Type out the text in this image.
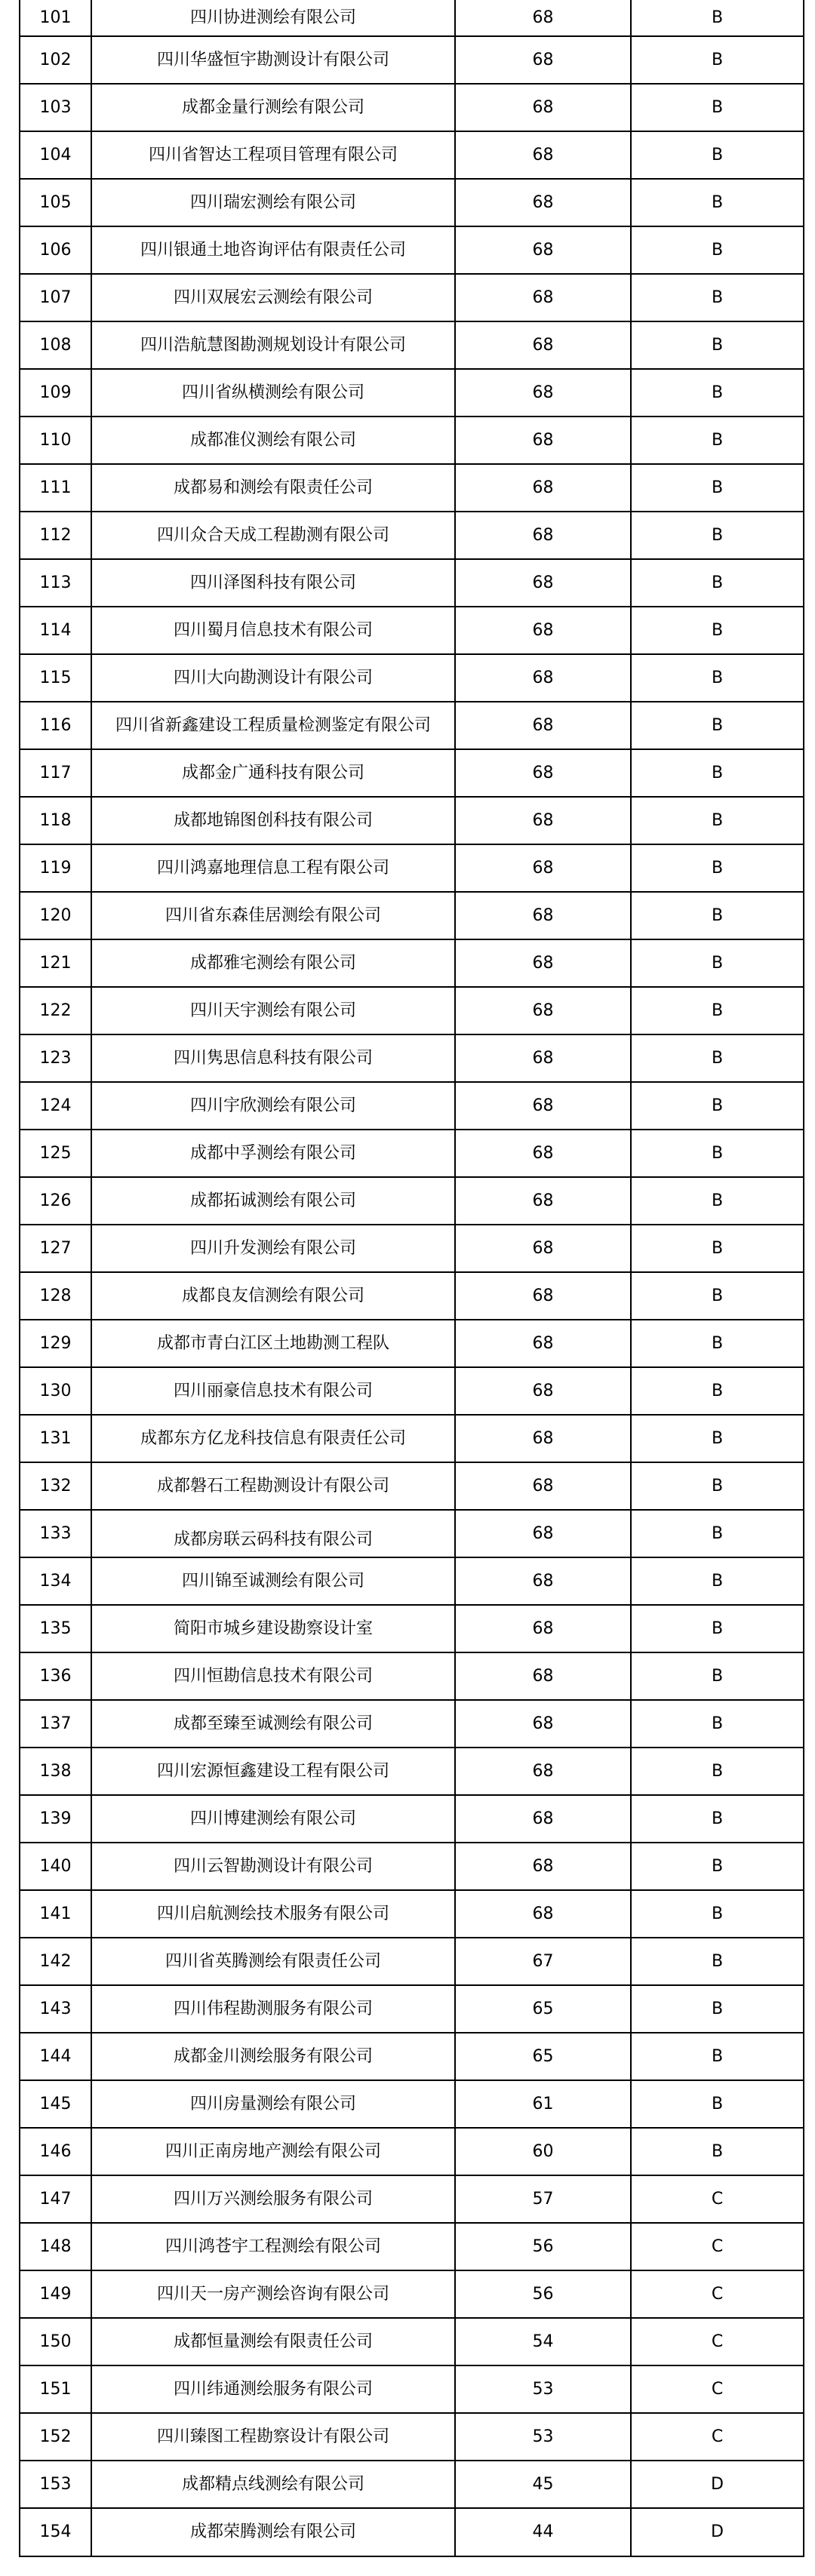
101	四川协进测绘有限公司	68	B
102	四川华盛恒宇勘测设计有限公司	68	B
103	成都金量行测绘有限公司	68	B
104	四川省智达工程项目管理有限公司	68	B
105	四川瑞宏测绘有限公司	68	B
106	四川银通土地咨询评估有限责任公司	68	B
107	四川双展宏云测绘有限公司	68	B
108	四川浩航慧图勘测规划设计有限公司	68	B
109	四川省纵横测绘有限公司	68	B
110	成都准仪测绘有限公司	68	B
111	成都易和测绘有限责任公司	68	B
112	四川众合天成工程勘测有限公司	68	B
113	四川泽图科技有限公司	68	B
114	四川蜀月信息技术有限公司	68	B
115	四川大向勘测设计有限公司	68	B
116	四川省新鑫建设工程质量检测鉴定有限公司	68	B
117	成都金广通科技有限公司	68	B
118	成都地锦图创科技有限公司	68	B
119	四川鸿嘉地理信息工程有限公司	68	B
120	四川省东森佳居测绘有限公司	68	B
121	成都雅宅测绘有限公司	68	B
122	四川天宇测绘有限公司	68	B
123	四川隽思信息科技有限公司	68	B
124	四川宇欣测绘有限公司	68	B
125	成都中孚测绘有限公司	68	B
126	成都拓诚测绘有限公司	68	B
127	四川升发测绘有限公司	68	B
128	成都良友信测绘有限公司	68	B
129	成都市青白江区土地勘测工程队	68	B
130	四川丽豪信息技术有限公司	68	B
131	成都东方亿龙科技信息有限责任公司	68	B
132	成都磐石工程勘测设计有限公司	68	B
133	成都房联云码科技有限公司	68	B
134	四川锦至诚测绘有限公司	68	B
135	简阳市城乡建设勘察设计室	68	B
136	四川恒勘信息技术有限公司	68	B
137	成都至臻至诚测绘有限公司	68	B
138	四川宏源恒鑫建设工程有限公司	68	B
139	四川博建测绘有限公司	68	B
140	四川云智勘测设计有限公司	68	B
141	四川启航测绘技术服务有限公司	68	B
142	四川省英腾测绘有限责任公司	67	B
143	四川伟程勘测服务有限公司	65	B
144	成都金川测绘服务有限公司	65	B
145	四川房量测绘有限公司	61	B
146	四川正南房地产测绘有限公司	60	B
147	四川万兴测绘服务有限公司	57	C
148	四川鸿苍宇工程测绘有限公司	56	C
149	四川天一房产测绘咨询有限公司	56	C
150	成都恒量测绘有限责任公司	54	C
151	四川纬通测绘服务有限公司	53	C
152	四川臻图工程勘察设计有限公司	53	C
153	成都精点线测绘有限公司	45	D
154	成都荣腾测绘有限公司	44	D
